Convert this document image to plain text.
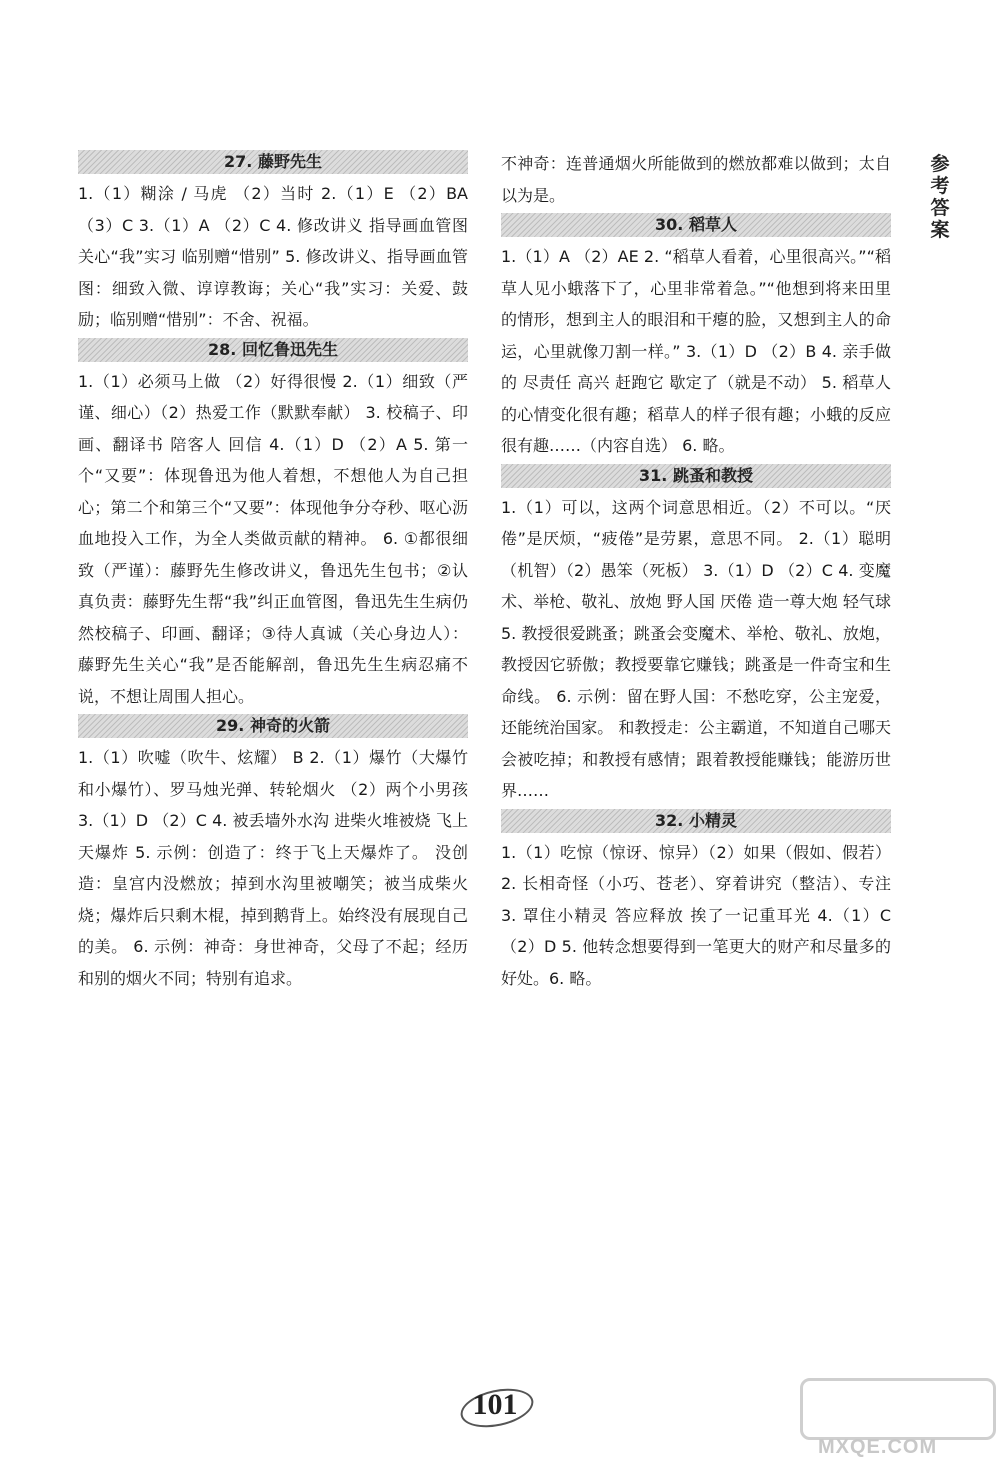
27. 藤野先生

1.（1）糊涂 / 马虎 （2）当时 2.（1）E （2）BA （3）C 3.（1）A （2）C 4. 修改讲义 指导画血管图关心“我”实习 临别赠“惜别” 5. 修改讲义、指导画血管图：细致入微、谆谆教诲；关心“我”实习：关爱、鼓励；临别赠“惜别”：不舍、祝福。

28. 回忆鲁迅先生

1.（1）必须马上做 （2）好得很慢 2.（1）细致（严谨、细心）（2）热爱工作（默默奉献） 3. 校稿子、印画、翻译书 陪客人 回信 4.（1）D （2）A 5. 第一个“又要”：体现鲁迅为他人着想，不想他人为自己担心；第二个和第三个“又要”：体现他争分夺秒、呕心沥血地投入工作，为全人类做贡献的精神。 6. ①都很细致（严谨）：藤野先生修改讲义，鲁迅先生包书；②认真负责：藤野先生帮“我”纠正血管图，鲁迅先生生病仍然校稿子、印画、翻译；③待人真诚（关心身边人）：藤野先生关心“我”是否能解剖，鲁迅先生生病忍痛不说，不想让周围人担心。

29. 神奇的火箭

1.（1）吹嘘（吹牛、炫耀） B 2.（1）爆竹（大爆竹和小爆竹）、罗马烛光弹、转轮烟火 （2）两个小男孩 3.（1）D （2）C 4. 被丢墙外水沟 进柴火堆被烧 飞上天爆炸 5. 示例：创造了：终于飞上天爆炸了。 没创造：皇宫内没燃放；掉到水沟里被嘲笑；被当成柴火烧；爆炸后只剩木棍，掉到鹅背上。始终没有展现自己的美。 6. 示例：神奇：身世神奇，父母了不起；经历和别的烟火不同；特别有追求。

不神奇：连普通烟火所能做到的燃放都难以做到；太自以为是。

30. 稻草人

1.（1）A （2）AE 2. “稻草人看着，心里很高兴。”“稻草人见小蛾落下了，心里非常着急。”“他想到将来田里的情形，想到主人的眼泪和干瘪的脸，又想到主人的命运，心里就像刀割一样。” 3.（1）D （2）B 4. 亲手做的 尽责任 高兴 赶跑它 歇定了（就是不动） 5. 稻草人的心情变化很有趣；稻草人的样子很有趣；小蛾的反应很有趣……（内容自选） 6. 略。

31. 跳蚤和教授

1.（1）可以，这两个词意思相近。（2）不可以。“厌倦”是厌烦，“疲倦”是劳累，意思不同。 2.（1）聪明（机智）（2）愚笨（死板） 3.（1）D （2）C 4. 变魔术、举枪、敬礼、放炮 野人国 厌倦 造一尊大炮 轻气球 5. 教授很爱跳蚤；跳蚤会变魔术、举枪、敬礼、放炮，教授因它骄傲；教授要靠它赚钱；跳蚤是一件奇宝和生命线。 6. 示例：留在野人国：不愁吃穿，公主宠爱，还能统治国家。 和教授走：公主霸道，不知道自己哪天会被吃掉；和教授有感情；跟着教授能赚钱；能游历世界……

32. 小精灵

1.（1）吃惊（惊讶、惊异）（2）如果（假如、假若） 2. 长相奇怪（小巧、苍老）、穿着讲究（整洁）、专注 3. 罩住小精灵 答应释放 挨了一记重耳光 4.（1）C （2）D 5. 他转念想要得到一笔更大的财产和尽量多的好处。6. 略。

参
考
答
案
101
MXQE.COM
